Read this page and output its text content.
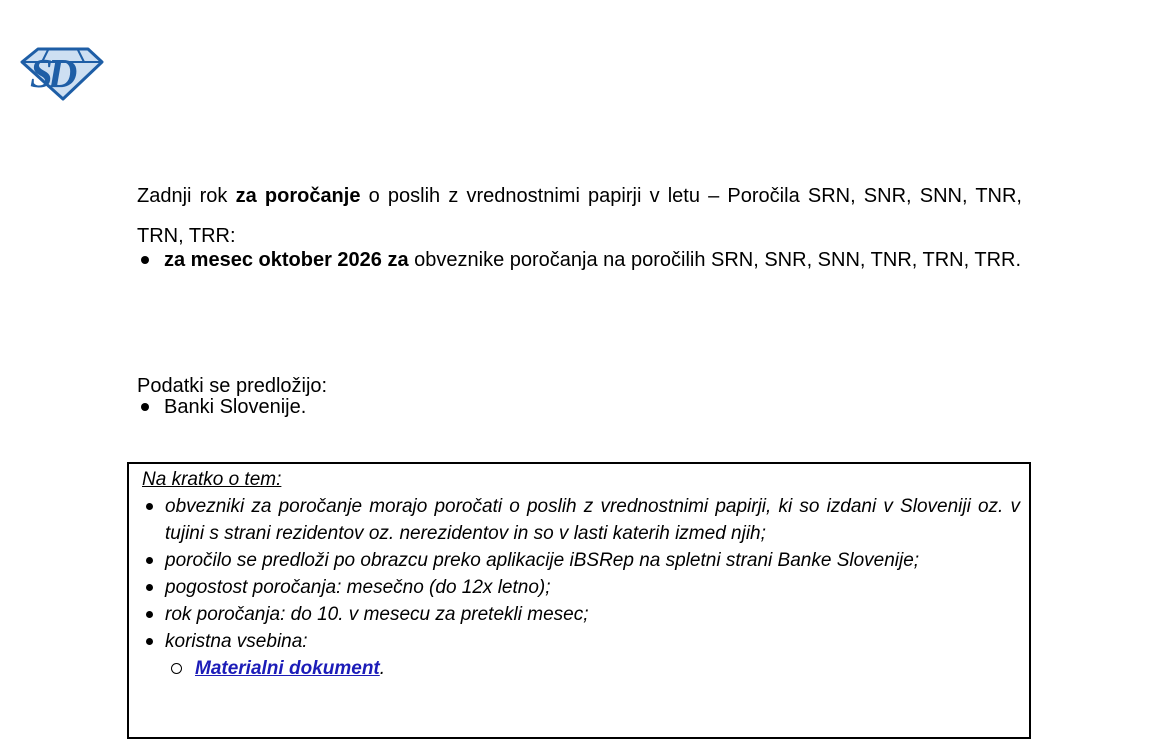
SD

Zadnji rok za poročanje o poslih z vrednostnimi papirji v letu – Poročila SRN, SNR, SNN, TNR, TRN, TRR:

za mesec oktober 2026 za obveznike poročanja na poročilih SRN, SNR, SNN, TNR, TRN, TRR.

Podatki se predložijo:

Banki Slovenije.
Na kratko o tem:
obvezniki za poročanje morajo poročati o poslih z vrednostnimi papirji, ki so izdani v Sloveniji oz. v tujini s strani rezidentov oz. nerezidentov in so v lasti katerih izmed njih;
poročilo se predloži po obrazcu preko aplikacije iBSRep na spletni strani Banke Slovenije;
pogostost poročanja: mesečno (do 12x letno);
rok poročanja: do 10. v mesecu za pretekli mesec;
koristna vsebina:
Materialni dokument.
